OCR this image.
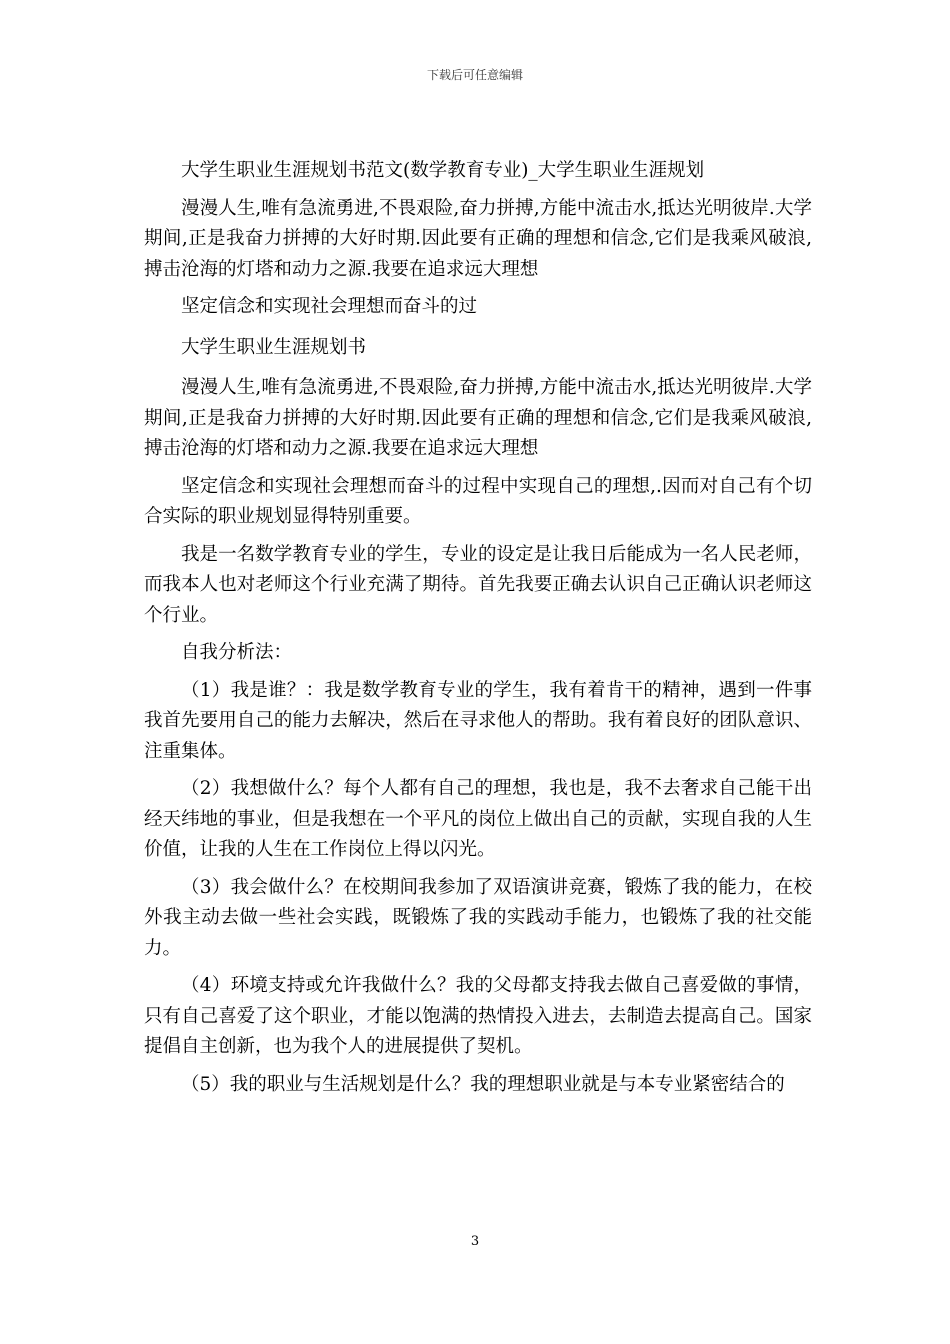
下载后可任意编辑

大学生职业生涯规划书范文(数学教育专业)_大学生职业生涯规划

漫漫人生,唯有急流勇进,不畏艰险,奋力拼搏,方能中流击水,抵达光明彼岸.大学期间,正是我奋力拼搏的大好时期.因此要有正确的理想和信念,它们是我乘风破浪,搏击沧海的灯塔和动力之源.我要在追求远大理想

坚定信念和实现社会理想而奋斗的过

大学生职业生涯规划书

漫漫人生,唯有急流勇进,不畏艰险,奋力拼搏,方能中流击水,抵达光明彼岸.大学期间,正是我奋力拼搏的大好时期.因此要有正确的理想和信念,它们是我乘风破浪,搏击沧海的灯塔和动力之源.我要在追求远大理想

坚定信念和实现社会理想而奋斗的过程中实现自己的理想,.因而对自己有个切合实际的职业规划显得特别重要。

我是一名数学教育专业的学生，专业的设定是让我日后能成为一名人民老师，而我本人也对老师这个行业充满了期待。首先我要正确去认识自己正确认识老师这个行业。

自我分析法：

（1）我是谁？：我是数学教育专业的学生，我有着肯干的精神，遇到一件事我首先要用自己的能力去解决，然后在寻求他人的帮助。我有着良好的团队意识、注重集体。

（2）我想做什么？每个人都有自己的理想，我也是，我不去奢求自己能干出经天纬地的事业，但是我想在一个平凡的岗位上做出自己的贡献，实现自我的人生价值，让我的人生在工作岗位上得以闪光。

（3）我会做什么？在校期间我参加了双语演讲竞赛，锻炼了我的能力，在校外我主动去做一些社会实践，既锻炼了我的实践动手能力，也锻炼了我的社交能力。

（4）环境支持或允许我做什么？我的父母都支持我去做自己喜爱做的事情，只有自己喜爱了这个职业，才能以饱满的热情投入进去，去制造去提高自己。国家提倡自主创新，也为我个人的进展提供了契机。

（5）我的职业与生活规划是什么？我的理想职业就是与本专业紧密结合的

3
